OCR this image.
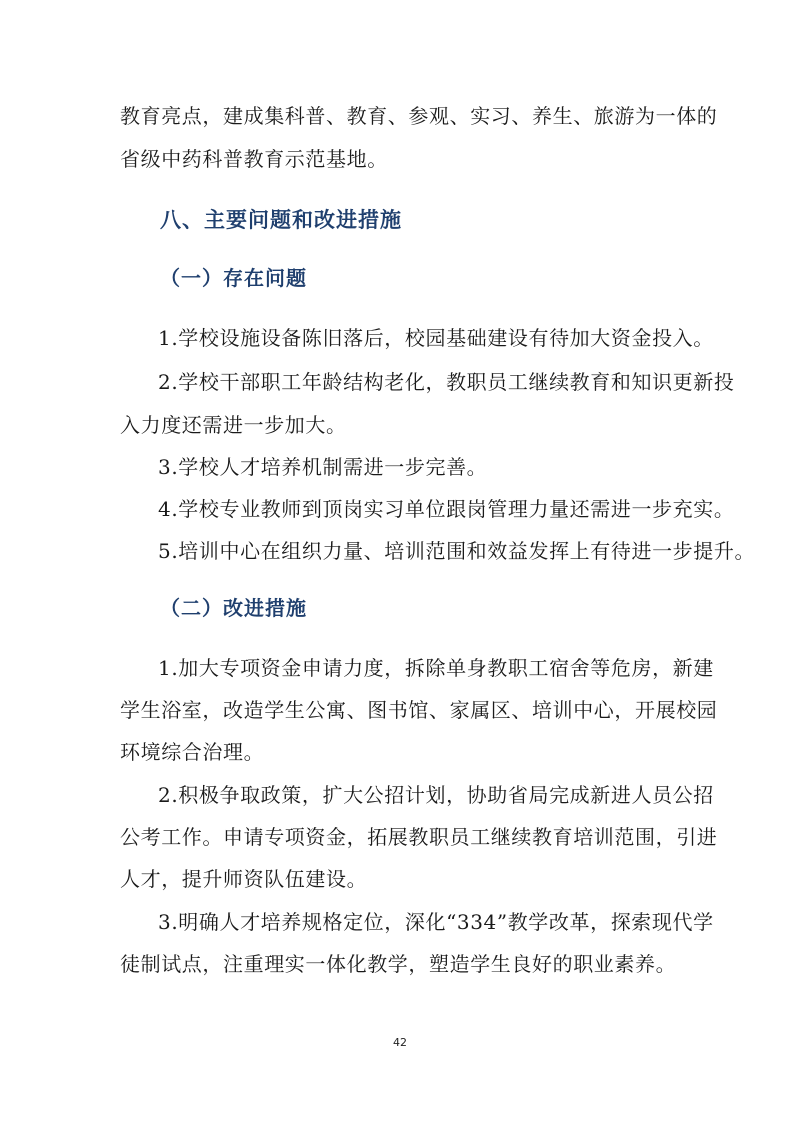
教育亮点，建成集科普、教育、参观、实习、养生、旅游为一体的
省级中药科普教育示范基地。
八、主要问题和改进措施
（一）存在问题
1.学校设施设备陈旧落后，校园基础建设有待加大资金投入。
2.学校干部职工年龄结构老化，教职员工继续教育和知识更新投
入力度还需进一步加大。
3.学校人才培养机制需进一步完善。
4.学校专业教师到顶岗实习单位跟岗管理力量还需进一步充实。
5.培训中心在组织力量、培训范围和效益发挥上有待进一步提升。
（二）改进措施
1.加大专项资金申请力度，拆除单身教职工宿舍等危房，新建
学生浴室，改造学生公寓、图书馆、家属区、培训中心，开展校园
环境综合治理。
2.积极争取政策，扩大公招计划，协助省局完成新进人员公招
公考工作。申请专项资金，拓展教职员工继续教育培训范围，引进
人才，提升师资队伍建设。
3.明确人才培养规格定位，深化“334”教学改革，探索现代学
徒制试点，注重理实一体化教学，塑造学生良好的职业素养。
42
